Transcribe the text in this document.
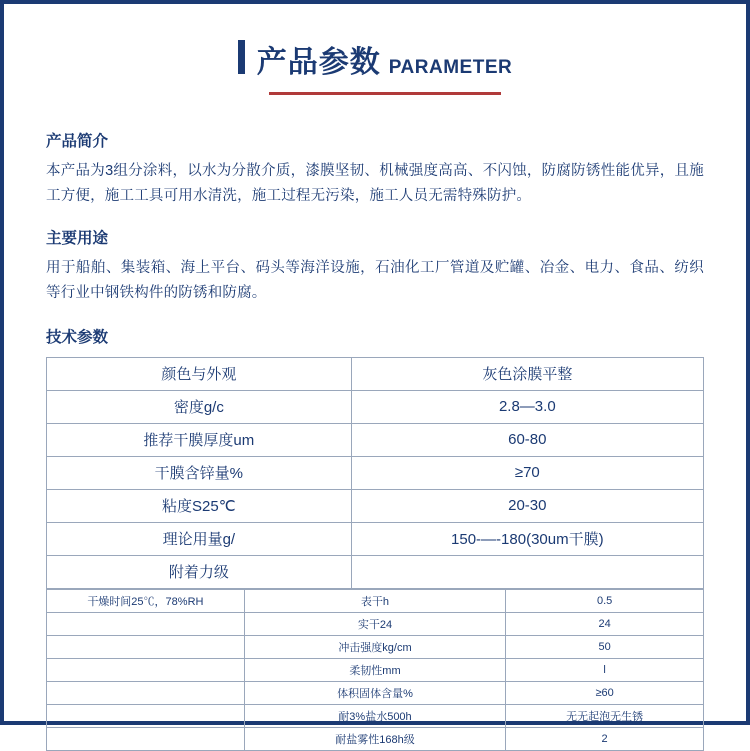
产品参数 PARAMETER
产品简介

本产品为3组分涂料，以水为分散介质，漆膜坚韧、机械强度高高、不闪蚀，防腐防锈性能优异，且施工方便，施工工具可用水清洗，施工过程无污染，施工人员无需特殊防护。

主要用途

用于船舶、集装箱、海上平台、码头等海洋设施，石油化工厂管道及贮罐、冶金、电力、食品、纺织等行业中钢铁构件的防锈和防腐。

技术参数
颜色与外观	灰色涂膜平整
密度g/c	2.8—3.0
推荐干膜厚度um	60-80
干膜含锌量%	≥70
粘度S25℃	20-30
理论用量g/	150-—-180(30um干膜)
附着力级	
干燥时间25℃，78%RH	表干h	0.5
	实干24	24
	冲击强度kg/cm	50
	柔韧性mm	l
	体积固体含量%	≥60
	耐3%盐水500h	无无起泡无生锈
	耐盐雾性168h级	2
